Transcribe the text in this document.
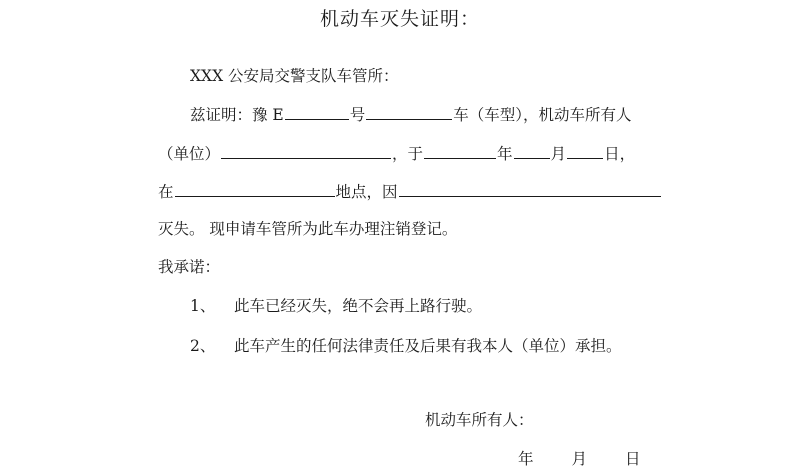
机动车灭失证明：
XXX 公安局交警支队车管所：
兹证明：豫 E	号	车（车型），机动车所有人
（单位）	，于	年 月 日，
在	地点，因
灭失。 现申请车管所为此车办理注销登记。
我承诺：
1、 此车已经灭失，绝不会再上路行驶。
2、 此车产生的任何法律责任及后果有我本人（单位）承担。
机动车所有人：
年 月 日
